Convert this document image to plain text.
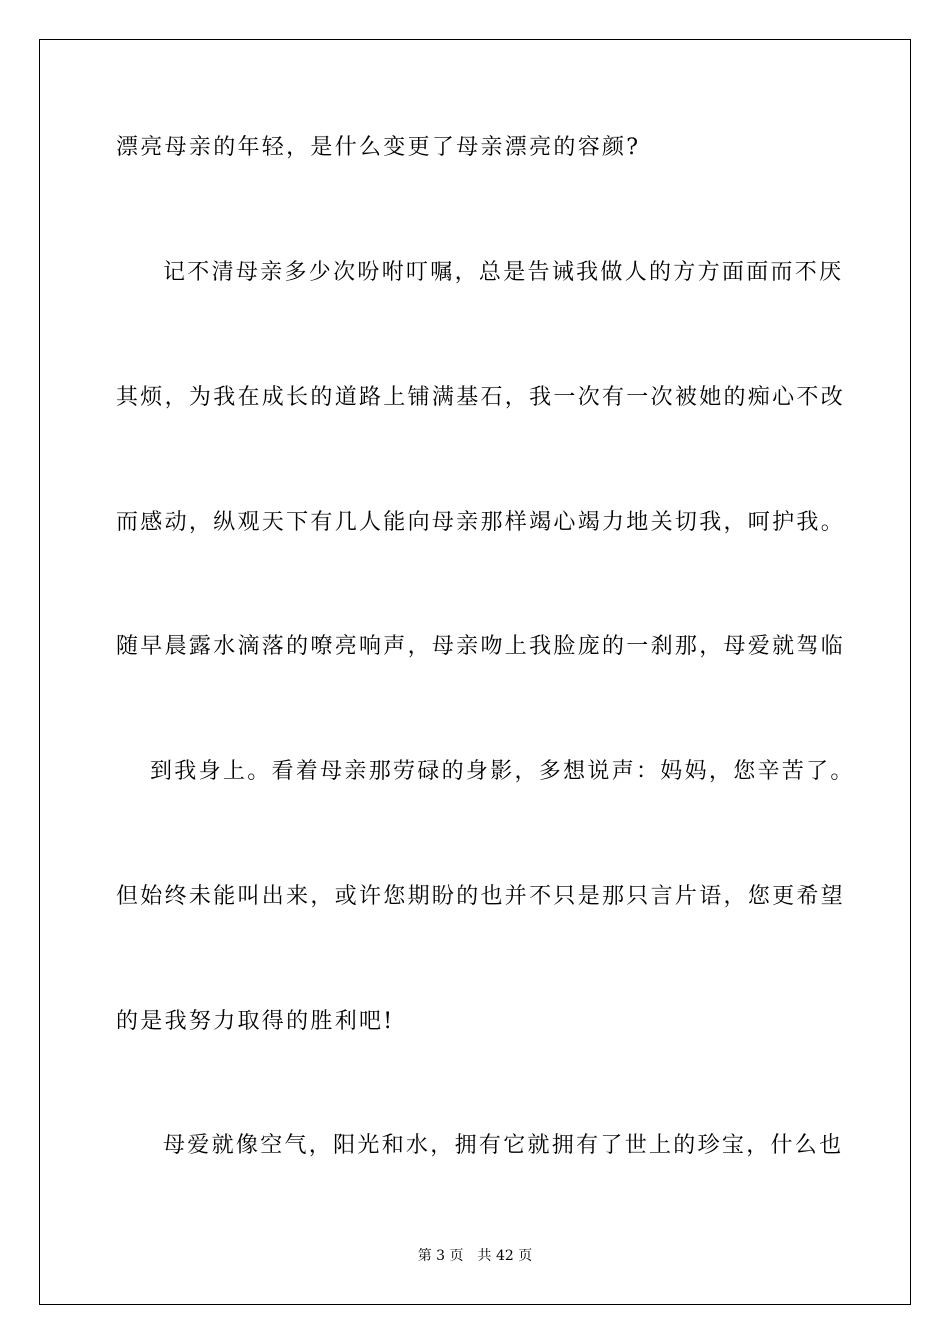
漂亮母亲的年轻，是什么变更了母亲漂亮的容颜?
记不清母亲多少次吩咐叮嘱，总是告诫我做人的方方面面而不厌
其烦，为我在成长的道路上铺满基石，我一次有一次被她的痴心不改
而感动，纵观天下有几人能向母亲那样竭心竭力地关切我，呵护我。
随早晨露水滴落的嘹亮响声，母亲吻上我脸庞的一刹那，母爱就驾临
到我身上。看着母亲那劳碌的身影，多想说声：妈妈，您辛苦了。
但始终未能叫出来，或许您期盼的也并不只是那只言片语，您更希望
的是我努力取得的胜利吧!
母爱就像空气，阳光和水，拥有它就拥有了世上的珍宝，什么也
第 3 页　共 42 页
